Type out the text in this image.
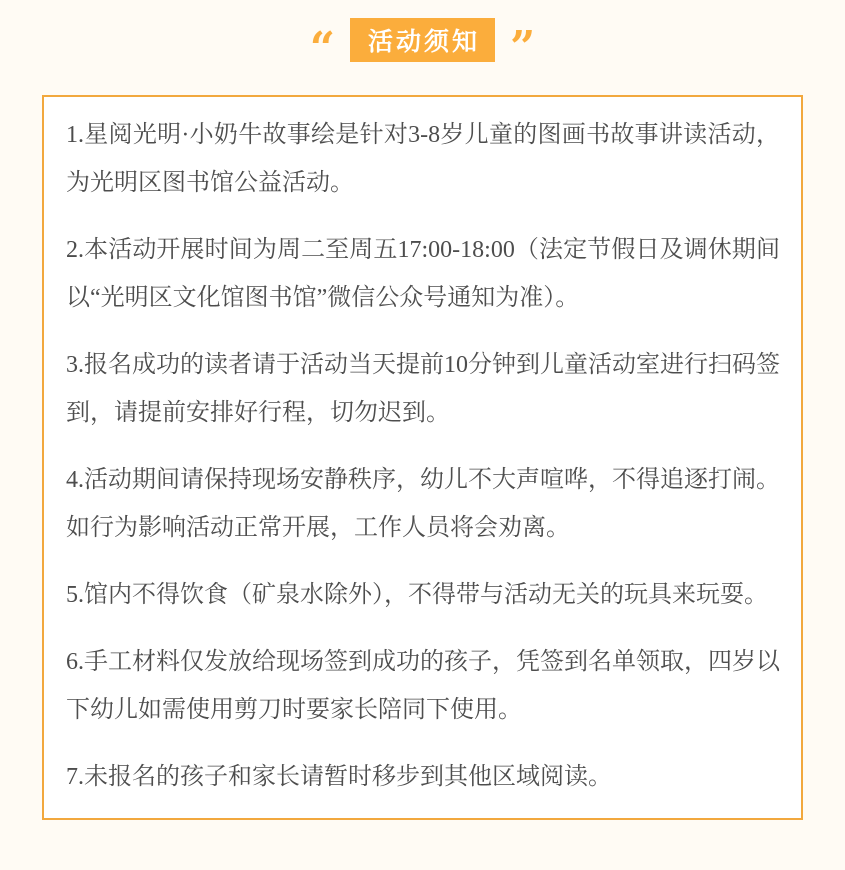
“ 活动须知 ”

1.星阅光明·小奶牛故事绘是针对3-8岁儿童的图画书故事讲读活动，为光明区图书馆公益活动。

2.本活动开展时间为周二至周五17:00-18:00（法定节假日及调休期间以“光明区文化馆图书馆”微信公众号通知为准）。

3.报名成功的读者请于活动当天提前10分钟到儿童活动室进行扫码签到，请提前安排好行程，切勿迟到。

4.活动期间请保持现场安静秩序，幼儿不大声喧哗，不得追逐打闹。如行为影响活动正常开展，工作人员将会劝离。

5.馆内不得饮食（矿泉水除外），不得带与活动无关的玩具来玩耍。

6.手工材料仅发放给现场签到成功的孩子，凭签到名单领取，四岁以下幼儿如需使用剪刀时要家长陪同下使用。

7.未报名的孩子和家长请暂时移步到其他区域阅读。
